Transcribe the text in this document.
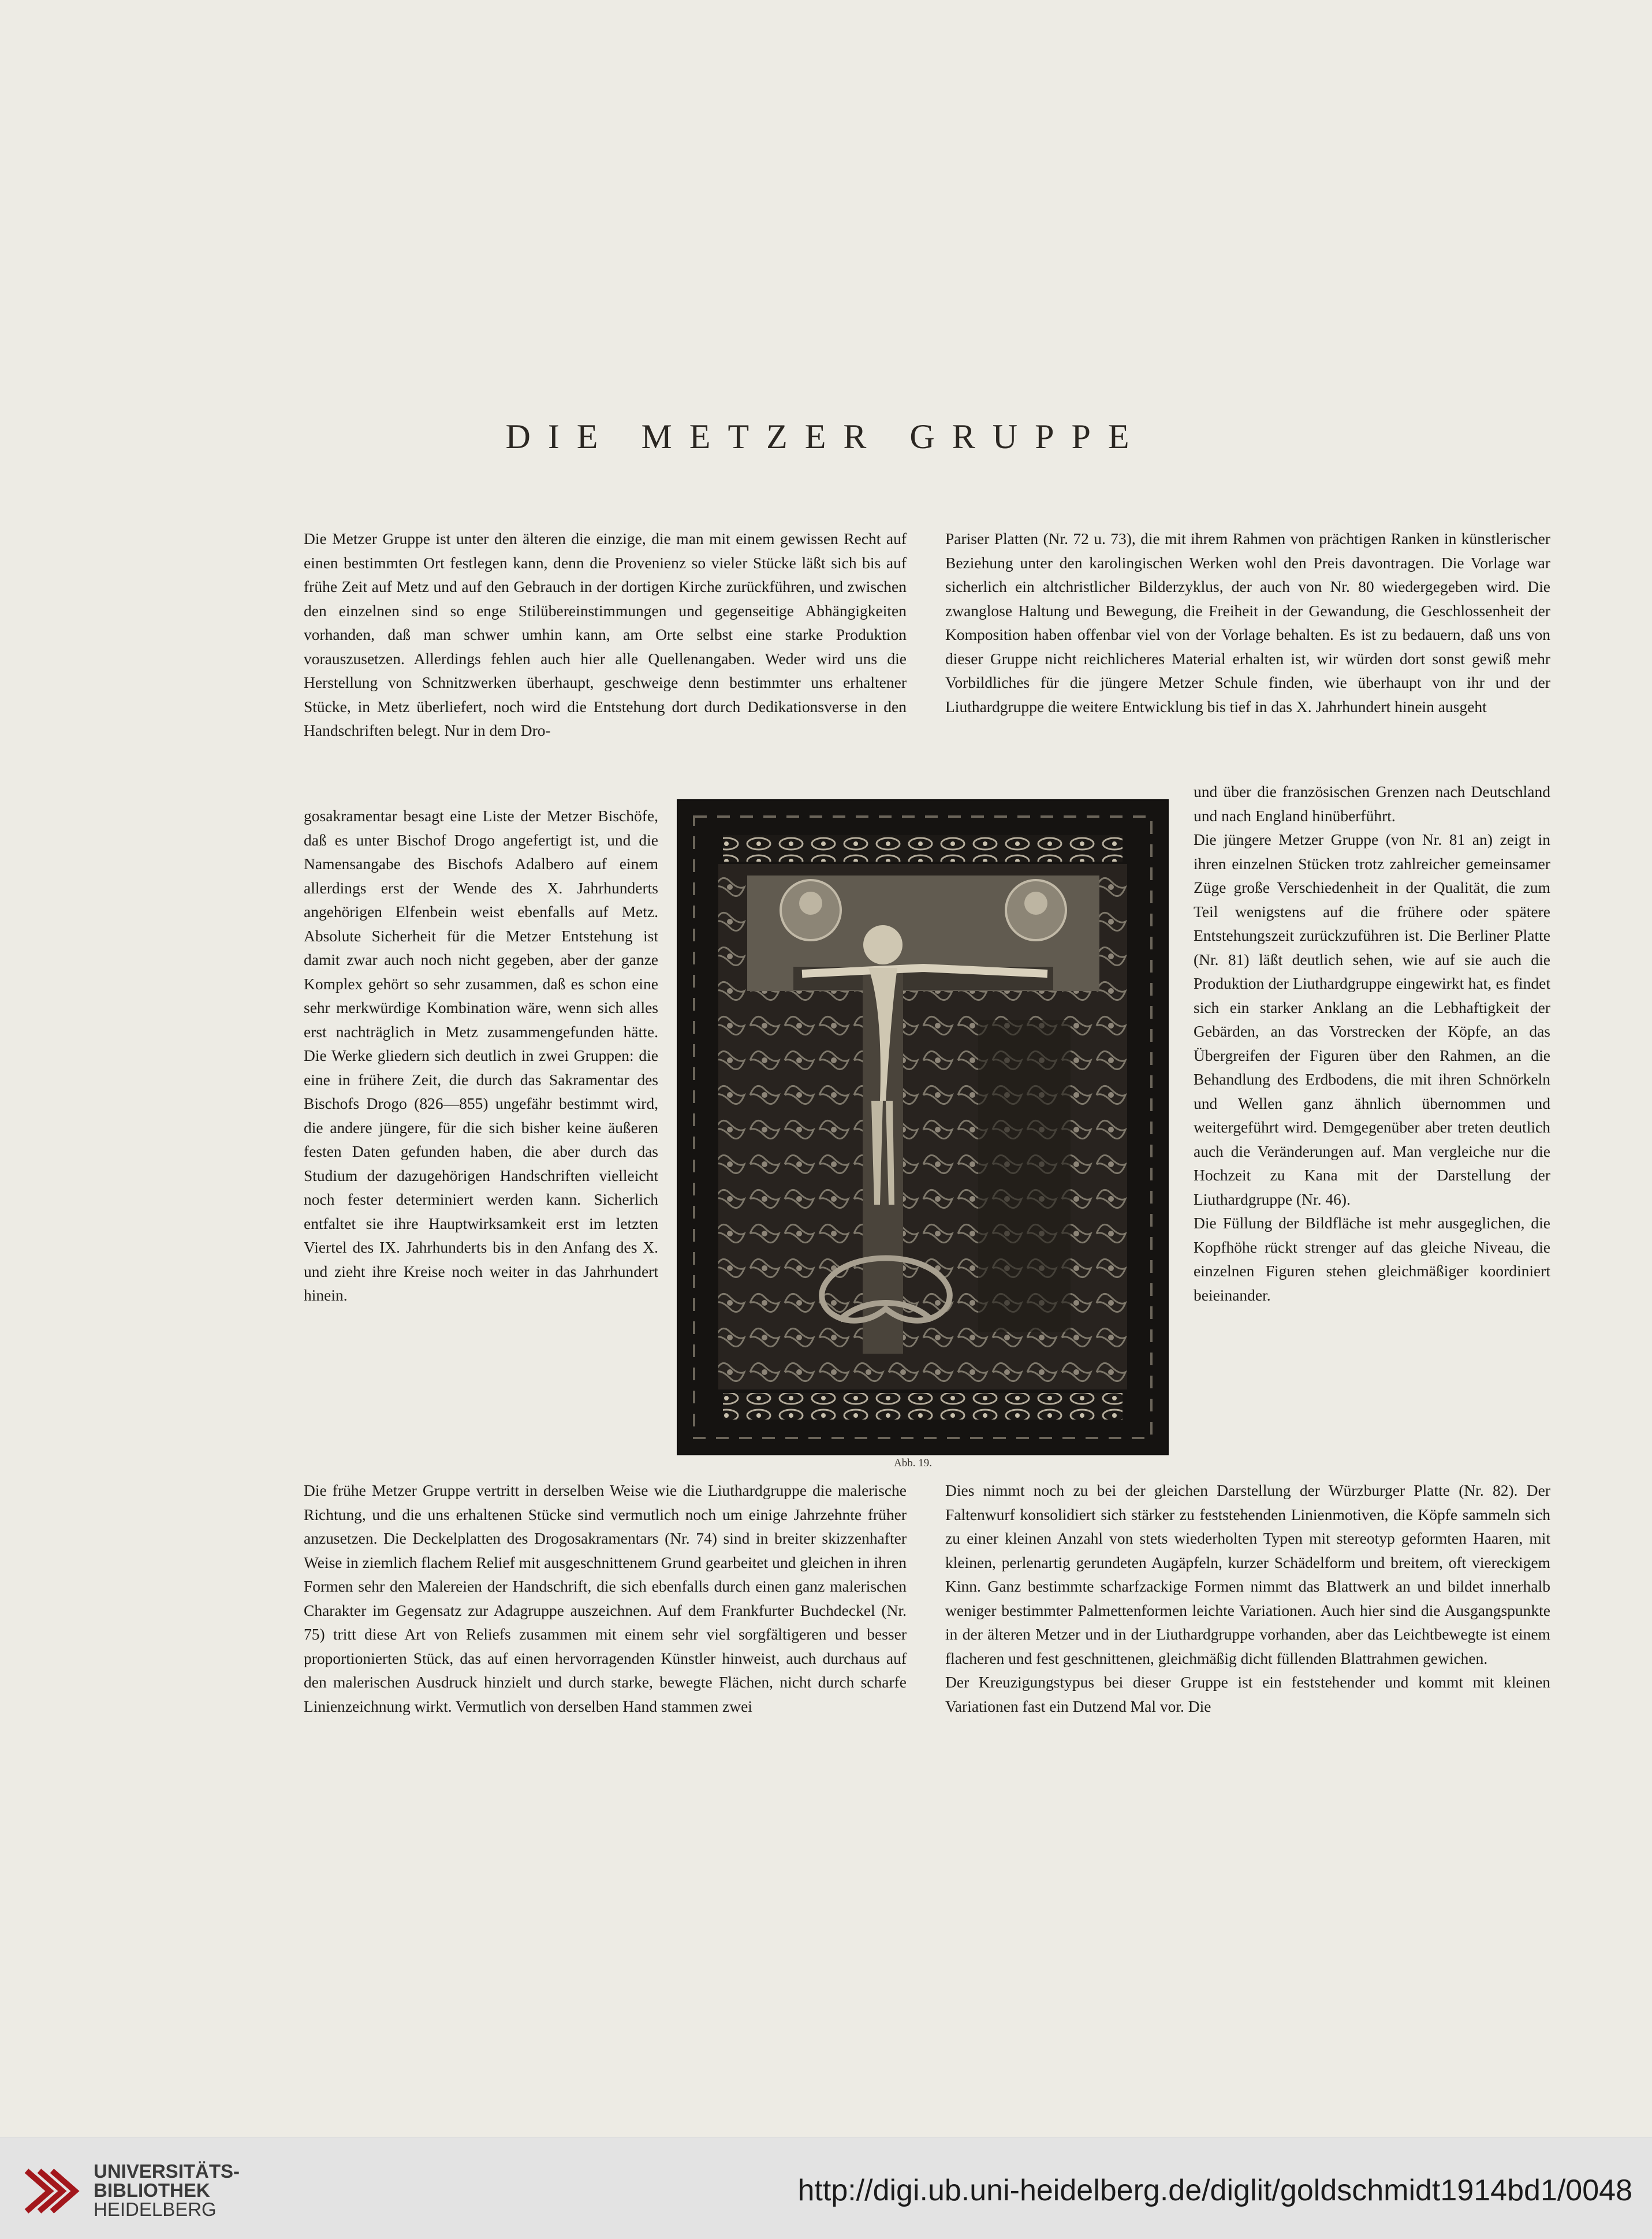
DIE METZER GRUPPE

Die Metzer Gruppe ist unter den älteren die einzige, die man mit einem gewissen Recht auf einen bestimmten Ort festlegen kann, denn die Provenienz so vieler Stücke läßt sich bis auf frühe Zeit auf Metz und auf den Gebrauch in der dortigen Kirche zurückführen, und zwischen den einzelnen sind so enge Stilübereinstimmungen und gegenseitige Abhängigkeiten vorhanden, daß man schwer umhin kann, am Orte selbst eine starke Produktion vorauszusetzen. Allerdings fehlen auch hier alle Quellenangaben. Weder wird uns die Herstellung von Schnitzwerken überhaupt, geschweige denn bestimmter uns erhaltener Stücke, in Metz überliefert, noch wird die Entstehung dort durch Dedikationsverse in den Handschriften belegt. Nur in dem Dro-

Pariser Platten (Nr. 72 u. 73), die mit ihrem Rahmen von prächtigen Ranken in künstlerischer Beziehung unter den karolingischen Werken wohl den Preis davontragen. Die Vorlage war sicherlich ein altchristlicher Bilderzyklus, der auch von Nr. 80 wiedergegeben wird. Die zwanglose Haltung und Bewegung, die Freiheit in der Gewandung, die Geschlossenheit der Komposition haben offenbar viel von der Vorlage behalten. Es ist zu bedauern, daß uns von dieser Gruppe nicht reichlicheres Material erhalten ist, wir würden dort sonst gewiß mehr Vorbildliches für die jüngere Metzer Schule finden, wie überhaupt von ihr und der Liuthardgruppe die weitere Entwicklung bis tief in das X. Jahrhundert hinein ausgeht

gosakramentar besagt eine Liste der Metzer Bischöfe, daß es unter Bischof Drogo angefertigt ist, und die Namensangabe des Bischofs Adalbero auf einem allerdings erst der Wende des X. Jahrhunderts angehörigen Elfenbein weist ebenfalls auf Metz. Absolute Sicherheit für die Metzer Entstehung ist damit zwar auch noch nicht gegeben, aber der ganze Komplex gehört so sehr zusammen, daß es schon eine sehr merkwürdige Kombination wäre, wenn sich alles erst nachträglich in Metz zusammengefunden hätte. Die Werke gliedern sich deutlich in zwei Gruppen: die eine in frühere Zeit, die durch das Sakramentar des Bischofs Drogo (826—855) ungefähr bestimmt wird, die andere jüngere, für die sich bisher keine äußeren festen Daten gefunden haben, die aber durch das Studium der dazugehörigen Handschriften vielleicht noch fester determiniert werden kann. Sicherlich entfaltet sie ihre Hauptwirksamkeit erst im letzten Viertel des IX. Jahrhunderts bis in den Anfang des X. und zieht ihre Kreise noch weiter in das Jahrhundert hinein.

und über die französischen Grenzen nach Deutschland und nach England hinüberführt.

Die jüngere Metzer Gruppe (von Nr. 81 an) zeigt in ihren einzelnen Stücken trotz zahlreicher gemeinsamer Züge große Verschiedenheit in der Qualität, die zum Teil wenigstens auf die frühere oder spätere Entstehungszeit zurückzuführen ist. Die Berliner Platte (Nr. 81) läßt deutlich sehen, wie auf sie auch die Produktion der Liuthardgruppe eingewirkt hat, es findet sich ein starker Anklang an die Lebhaftigkeit der Gebärden, an das Vorstrecken der Köpfe, an das Übergreifen der Figuren über den Rahmen, an die Behandlung des Erdbodens, die mit ihren Schnörkeln und Wellen ganz ähnlich übernommen und weitergeführt wird. Demgegenüber aber treten deutlich auch die Veränderungen auf. Man vergleiche nur die Hochzeit zu Kana mit der Darstellung der Liuthardgruppe (Nr. 46).

Die Füllung der Bildfläche ist mehr ausgeglichen, die Kopfhöhe rückt strenger auf das gleiche Niveau, die einzelnen Figuren stehen gleichmäßiger koordiniert beieinander.

Abb. 19.

Die frühe Metzer Gruppe vertritt in derselben Weise wie die Liuthardgruppe die malerische Richtung, und die uns erhaltenen Stücke sind vermutlich noch um einige Jahrzehnte früher anzusetzen. Die Deckelplatten des Drogosakramentars (Nr. 74) sind in breiter skizzenhafter Weise in ziemlich flachem Relief mit ausgeschnittenem Grund gearbeitet und gleichen in ihren Formen sehr den Malereien der Handschrift, die sich ebenfalls durch einen ganz malerischen Charakter im Gegensatz zur Adagruppe auszeichnen. Auf dem Frankfurter Buchdeckel (Nr. 75) tritt diese Art von Reliefs zusammen mit einem sehr viel sorgfältigeren und besser proportionierten Stück, das auf einen hervorragenden Künstler hinweist, auch durchaus auf den malerischen Ausdruck hinzielt und durch starke, bewegte Flächen, nicht durch scharfe Linienzeichnung wirkt. Vermutlich von derselben Hand stammen zwei

Dies nimmt noch zu bei der gleichen Darstellung der Würzburger Platte (Nr. 82). Der Faltenwurf konsolidiert sich stärker zu feststehenden Linienmotiven, die Köpfe sammeln sich zu einer kleinen Anzahl von stets wiederholten Typen mit stereotyp geformten Haaren, mit kleinen, perlenartig gerundeten Augäpfeln, kurzer Schädelform und breitem, oft viereckigem Kinn. Ganz bestimmte scharfzackige Formen nimmt das Blattwerk an und bildet innerhalb weniger bestimmter Palmettenformen leichte Variationen. Auch hier sind die Ausgangspunkte in der älteren Metzer und in der Liuthardgruppe vorhanden, aber das Leichtbewegte ist einem flacheren und fest geschnittenen, gleichmäßig dicht füllenden Blattrahmen gewichen.

Der Kreuzigungstypus bei dieser Gruppe ist ein feststehender und kommt mit kleinen Variationen fast ein Dutzend Mal vor. Die

UNIVERSITÄTS-
BIBLIOTHEK
HEIDELBERG
http://digi.ub.uni-heidelberg.de/diglit/goldschmidt1914bd1/0048
